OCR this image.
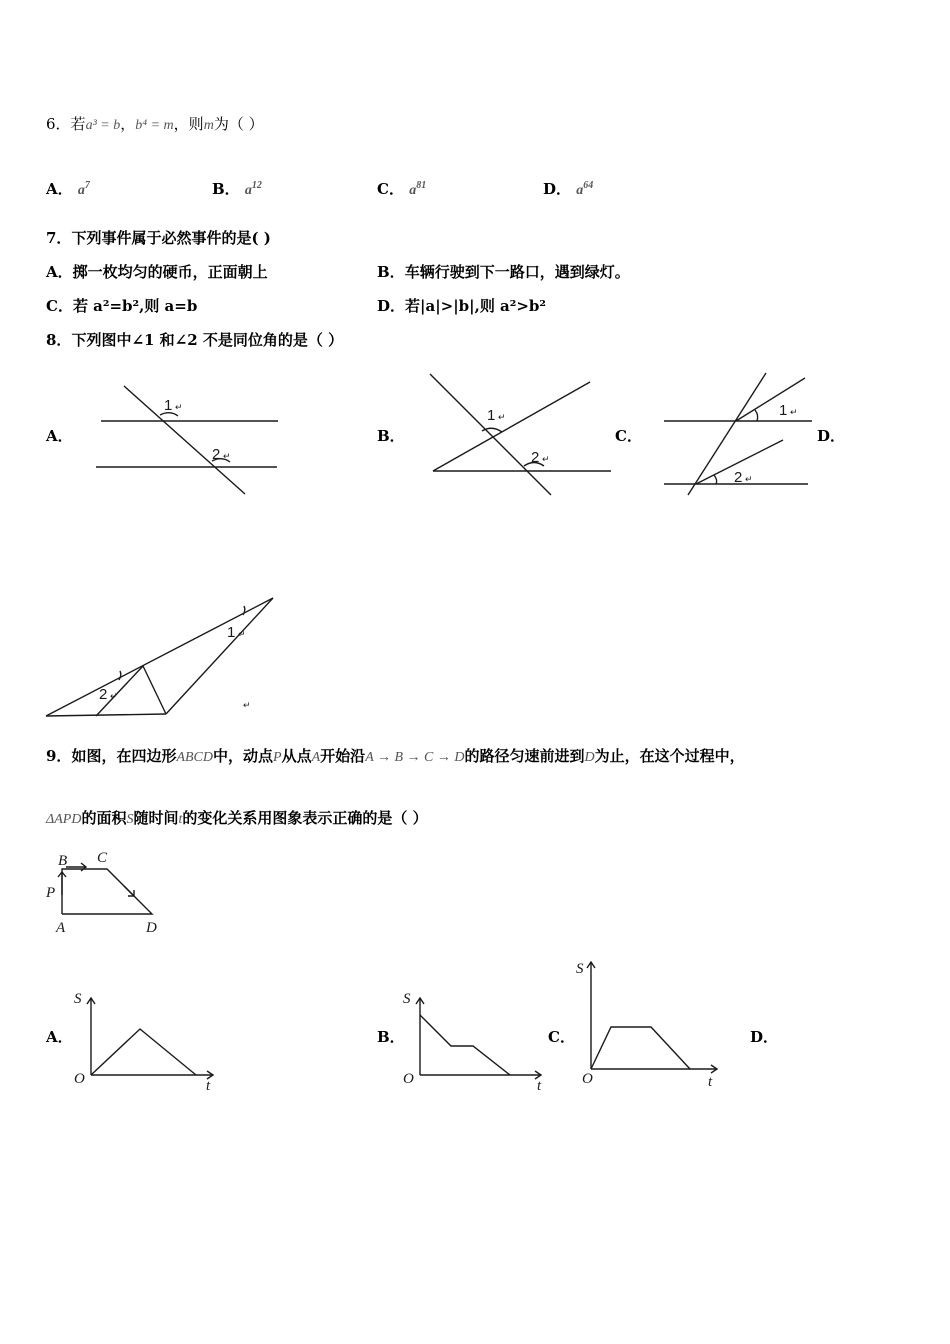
6．若a³ = b，b⁴ = m，则m为（ ）
A． $a^7$	B． $a^{12}$	C． $a^{81}$	D． $a^{64}$
7．下列事件属于必然事件的是( )
A．掷一枚均匀的硬币，正面朝上	B．车辆行驶到下一路口，遇到绿灯。
C．若 a²=b²,则 a=b	D．若|a|>|b|,则 a²>b²
8．下列图中∠1 和∠2 不是同位角的是（ ）
A．
1 ↵
2 ↵
B．
1 ↵
2 ↵
C．
1 ↵
2 ↵
D．
1 ↵
2 ↵
↵
9．如图，在四边形ABCD中，动点P从点A开始沿A → B → C → D的路径匀速前进到D为止，在这个过程中，
ΔAPD的面积S随时间t的变化关系用图象表示正确的是（ ）
B C
P
A	D
A．
S
O	t
B．
S
O	t
C．
S
O	t
D．
